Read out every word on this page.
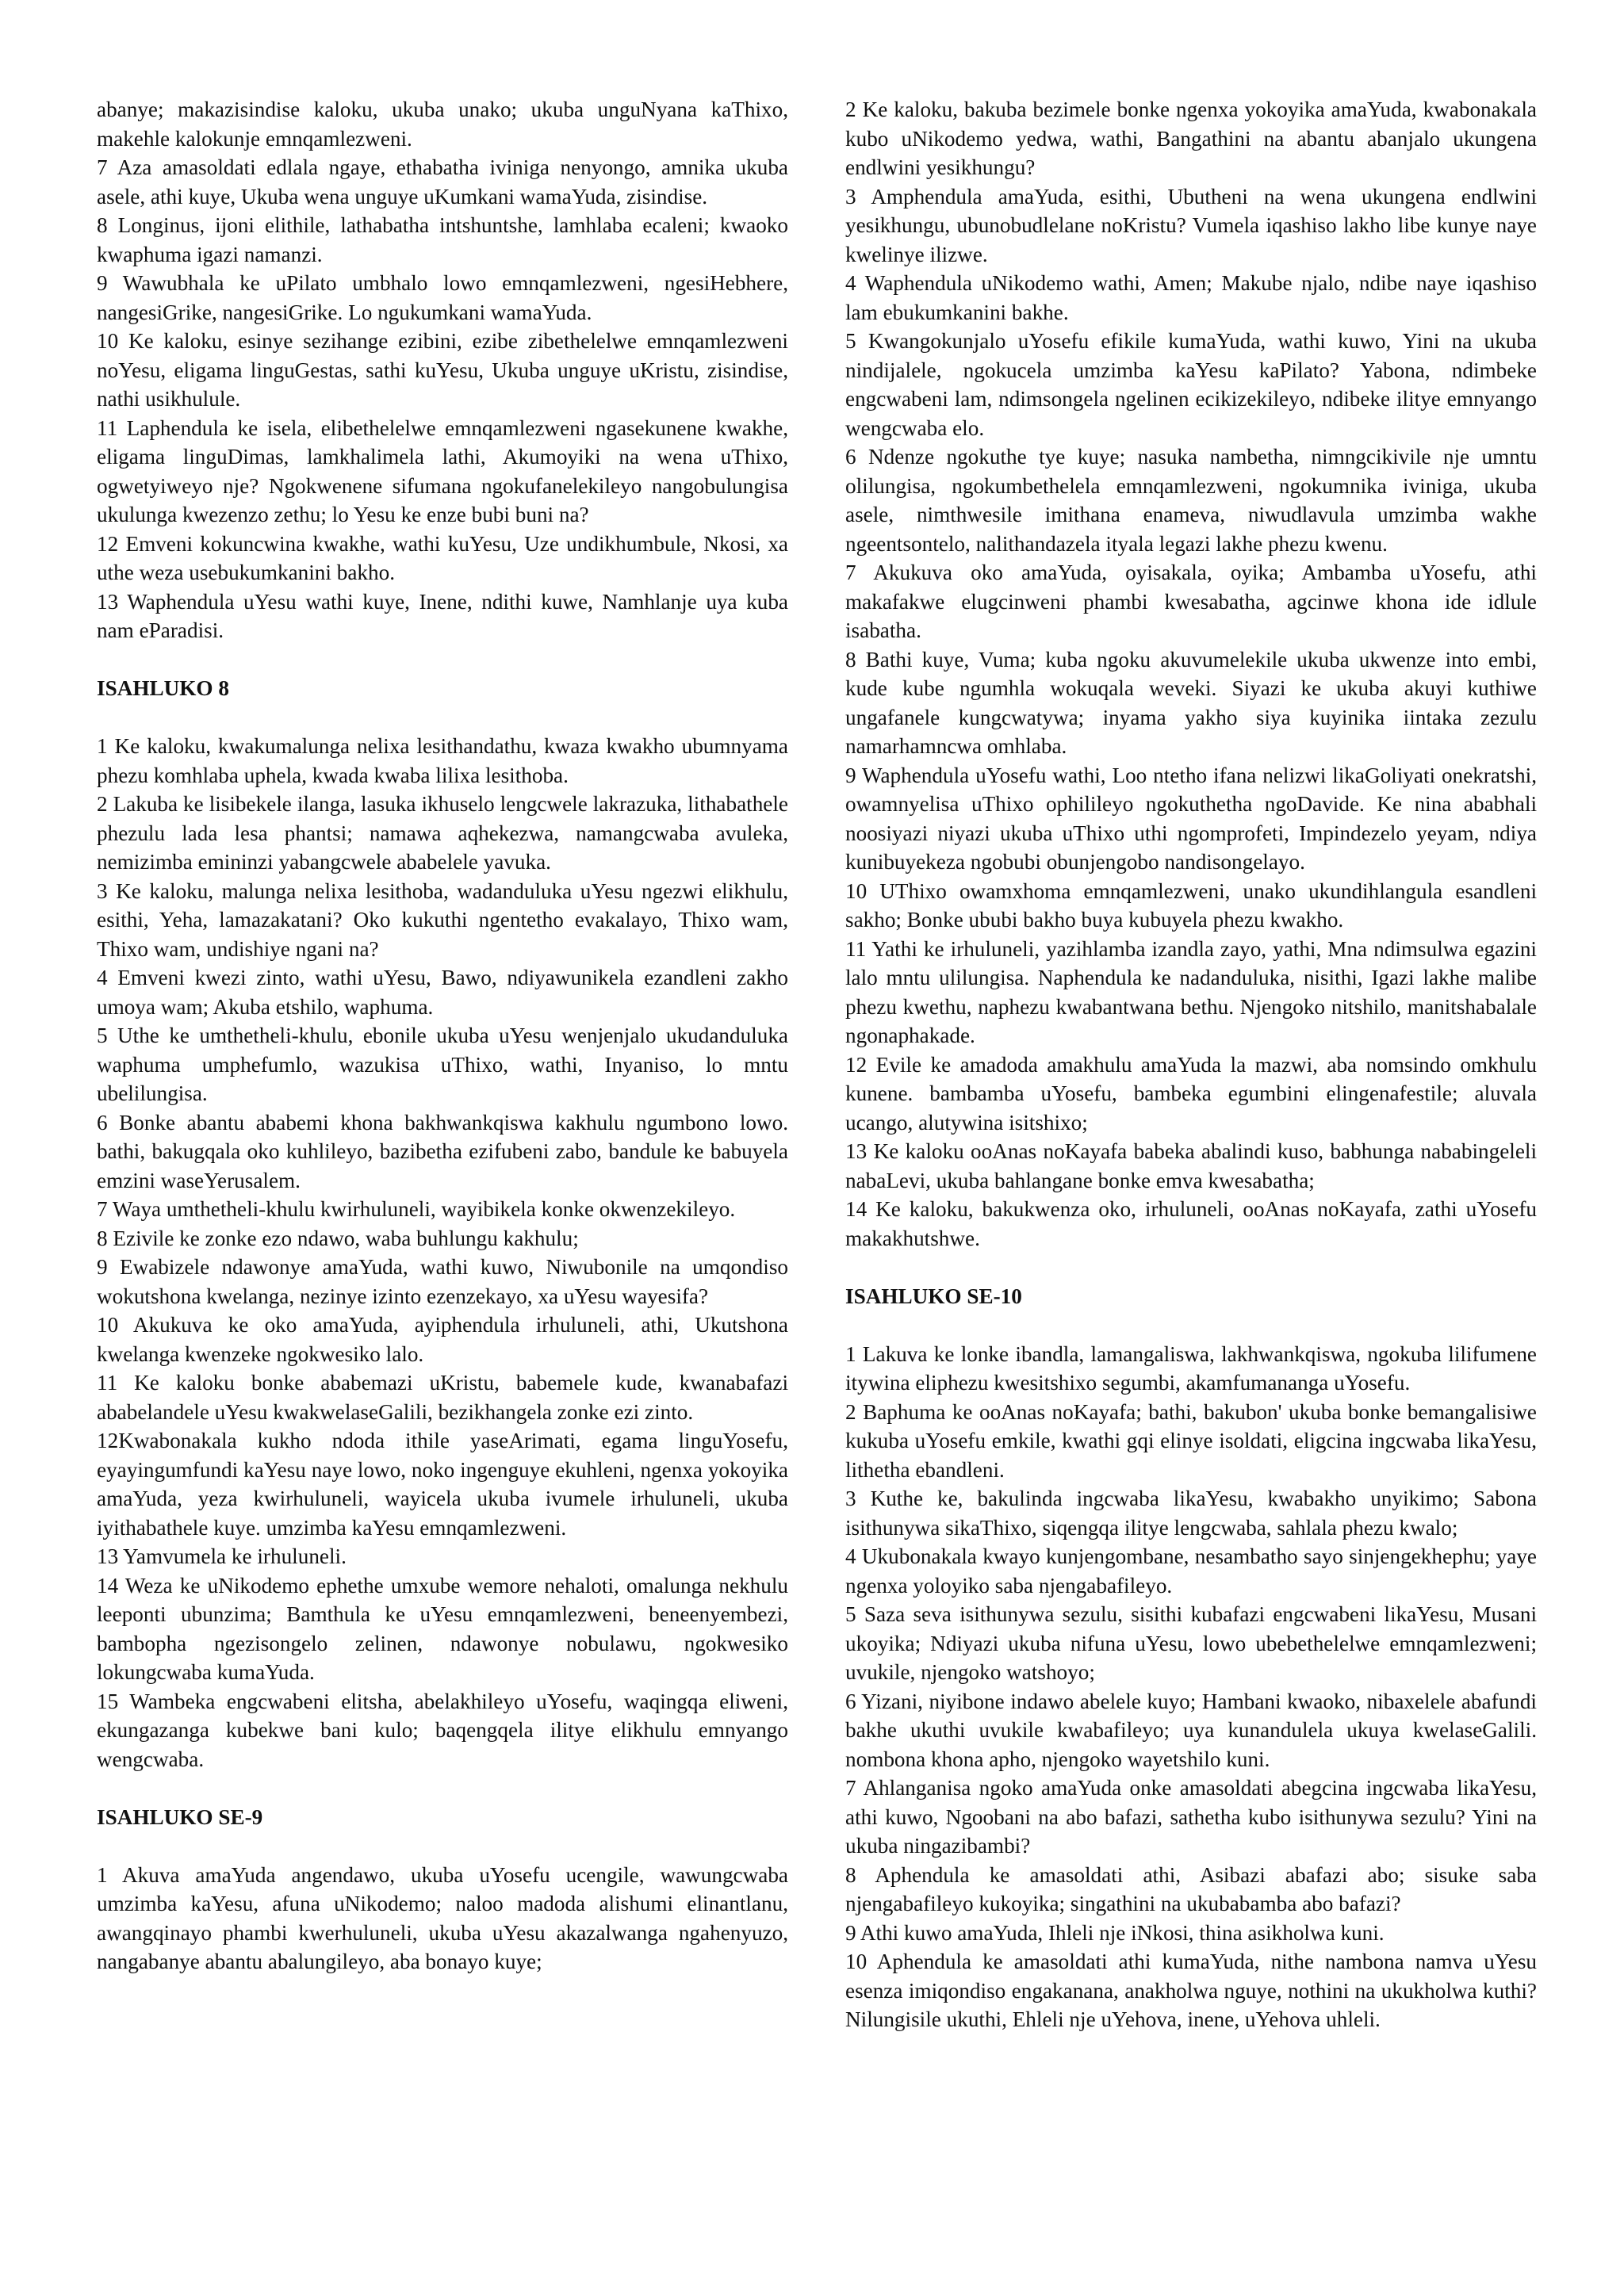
abanye; makazisindise kaloku, ukuba unako; ukuba unguNyana kaThixo, makehle kalokunje emnqamlezweni.

7 Aza amasoldati edlala ngaye, ethabatha iviniga nenyongo, amnika ukuba asele, athi kuye, Ukuba wena unguye uKumkani wamaYuda, zisindise.

8 Longinus, ijoni elithile, lathabatha intshuntshe, lamhlaba ecaleni; kwaoko kwaphuma igazi namanzi.

9 Wawubhala ke uPilato umbhalo lowo emnqamlezweni, ngesiHebhere, nangesiGrike, nangesiGrike. Lo ngukumkani wamaYuda.

10 Ke kaloku, esinye sezihange ezibini, ezibe zibethelelwe emnqamlezweni noYesu, eligama linguGestas, sathi kuYesu, Ukuba unguye uKristu, zisindise, nathi usikhulule.

11 Laphendula ke isela, elibethelelwe emnqamlezweni ngasekunene kwakhe, eligama linguDimas, lamkhalimela lathi, Akumoyiki na wena uThixo, ogwetyiweyo nje? Ngokwenene sifumana ngokufanelekileyo nangobulungisa ukulunga kwezenzo zethu; lo Yesu ke enze bubi buni na?

12 Emveni kokuncwina kwakhe, wathi kuYesu, Uze undikhumbule, Nkosi, xa uthe weza usebukumkanini bakho.

13 Waphendula uYesu wathi kuye, Inene, ndithi kuwe, Namhlanje uya kuba nam eParadisi.

ISAHLUKO 8

1 Ke kaloku, kwakumalunga nelixa lesithandathu, kwaza kwakho ubumnyama phezu komhlaba uphela, kwada kwaba lilixa lesithoba.

2 Lakuba ke lisibekele ilanga, lasuka ikhuselo lengcwele lakrazuka, lithabathele phezulu lada lesa phantsi; namawa aqhekezwa, namangcwaba avuleka, nemizimba emininzi yabangcwele ababelele yavuka.

3 Ke kaloku, malunga nelixa lesithoba, wadanduluka uYesu ngezwi elikhulu, esithi, Yeha, lamazakatani? Oko kukuthi ngentetho evakalayo, Thixo wam, Thixo wam, undishiye ngani na?

4 Emveni kwezi zinto, wathi uYesu, Bawo, ndiyawunikela ezandleni zakho umoya wam; Akuba etshilo, waphuma.

5 Uthe ke umthetheli-khulu, ebonile ukuba uYesu wenjenjalo ukudanduluka waphuma umphefumlo, wazukisa uThixo, wathi, Inyaniso, lo mntu ubelilungisa.

6 Bonke abantu ababemi khona bakhwankqiswa kakhulu ngumbono lowo. bathi, bakugqala oko kuhlileyo, bazibetha ezifubeni zabo, bandule ke babuyela emzini waseYerusalem.

7 Waya umthetheli-khulu kwirhuluneli, wayibikela konke okwenzekileyo.

8 Ezivile ke zonke ezo ndawo, waba buhlungu kakhulu;

9 Ewabizele ndawonye amaYuda, wathi kuwo, Niwubonile na umqondiso wokutshona kwelanga, nezinye izinto ezenzekayo, xa uYesu wayesifa?

10 Akukuva ke oko amaYuda, ayiphendula irhuluneli, athi, Ukutshona kwelanga kwenzeke ngokwesiko lalo.

11 Ke kaloku bonke ababemazi uKristu, babemele kude, kwanabafazi ababelandele uYesu kwakwelaseGalili, bezikhangela zonke ezi zinto.

12Kwabonakala kukho ndoda ithile yaseArimati, egama linguYosefu, eyayingumfundi kaYesu naye lowo, noko ingenguye ekuhleni, ngenxa yokoyika amaYuda, yeza kwirhuluneli, wayicela ukuba ivumele irhuluneli, ukuba iyithabathele kuye. umzimba kaYesu emnqamlezweni.

13 Yamvumela ke irhuluneli.

14 Weza ke uNikodemo ephethe umxube wemore nehaloti, omalunga nekhulu leeponti ubunzima; Bamthula ke uYesu emnqamlezweni, beneenyembezi, bambopha ngezisongelo zelinen, ndawonye nobulawu, ngokwesiko lokungcwaba kumaYuda.

15 Wambeka engcwabeni elitsha, abelakhileyo uYosefu, waqingqa eliweni, ekungazanga kubekwe bani kulo; baqengqela ilitye elikhulu emnyango wengcwaba.

ISAHLUKO SE-9

1 Akuva amaYuda angendawo, ukuba uYosefu ucengile, wawungcwaba umzimba kaYesu, afuna uNikodemo; naloo madoda alishumi elinantlanu, awangqinayo phambi kwerhuluneli, ukuba uYesu akazalwanga ngahenyuzo, nangabanye abantu abalungileyo, aba bonayo kuye;

2 Ke kaloku, bakuba bezimele bonke ngenxa yokoyika amaYuda, kwabonakala kubo uNikodemo yedwa, wathi, Bangathini na abantu abanjalo ukungena endlwini yesikhungu?

3 Amphendula amaYuda, esithi, Ubutheni na wena ukungena endlwini yesikhungu, ubunobudlelane noKristu? Vumela iqashiso lakho libe kunye naye kwelinye ilizwe.

4 Waphendula uNikodemo wathi, Amen; Makube njalo, ndibe naye iqashiso lam ebukumkanini bakhe.

5 Kwangokunjalo uYosefu efikile kumaYuda, wathi kuwo, Yini na ukuba nindijalele, ngokucela umzimba kaYesu kaPilato? Yabona, ndimbeke engcwabeni lam, ndimsongela ngelinen ecikizekileyo, ndibeke ilitye emnyango wengcwaba elo.

6 Ndenze ngokuthe tye kuye; nasuka nambetha, nimngcikivile nje umntu olilungisa, ngokumbethelela emnqamlezweni, ngokumnika iviniga, ukuba asele, nimthwesile imithana enameva, niwudlavula umzimba wakhe ngeentsontelo, nalithandazela ityala legazi lakhe phezu kwenu.

7 Akukuva oko amaYuda, oyisakala, oyika; Ambamba uYosefu, athi makafakwe elugcinweni phambi kwesabatha, agcinwe khona ide idlule isabatha.

8 Bathi kuye, Vuma; kuba ngoku akuvumelekile ukuba ukwenze into embi, kude kube ngumhla wokuqala weveki. Siyazi ke ukuba akuyi kuthiwe ungafanele kungcwatywa; inyama yakho siya kuyinika iintaka zezulu namarhamncwa omhlaba.

9 Waphendula uYosefu wathi, Loo ntetho ifana nelizwi likaGoliyati onekratshi, owamnyelisa uThixo ophilileyo ngokuthetha ngoDavide. Ke nina ababhali noosiyazi niyazi ukuba uThixo uthi ngomprofeti, Impindezelo yeyam, ndiya kunibuyekeza ngobubi obunjengobo nandisongelayo.

10 UThixo owamxhoma emnqamlezweni, unako ukundihlangula esandleni sakho; Bonke ububi bakho buya kubuyela phezu kwakho.

11 Yathi ke irhuluneli, yazihlamba izandla zayo, yathi, Mna ndimsulwa egazini lalo mntu ulilungisa. Naphendula ke nadanduluka, nisithi, Igazi lakhe malibe phezu kwethu, naphezu kwabantwana bethu. Njengoko nitshilo, manitshabalale ngonaphakade.

12 Evile ke amadoda amakhulu amaYuda la mazwi, aba nomsindo omkhulu kunene. bambamba uYosefu, bambeka egumbini elingenafestile; aluvala ucango, alutywina isitshixo;

13 Ke kaloku ooAnas noKayafa babeka abalindi kuso, babhunga nababingeleli nabaLevi, ukuba bahlangane bonke emva kwesabatha;

14 Ke kaloku, bakukwenza oko, irhuluneli, ooAnas noKayafa, zathi uYosefu makakhutshwe.

ISAHLUKO SE-10

1 Lakuva ke lonke ibandla, lamangaliswa, lakhwankqiswa, ngokuba lilifumene itywina eliphezu kwesitshixo segumbi, akamfumananga uYosefu.

2 Baphuma ke ooAnas noKayafa; bathi, bakubon' ukuba bonke bemangalisiwe kukuba uYosefu emkile, kwathi gqi elinye isoldati, eligcina ingcwaba likaYesu, lithetha ebandleni.

3 Kuthe ke, bakulinda ingcwaba likaYesu, kwabakho unyikimo; Sabona isithunywa sikaThixo, siqengqa ilitye lengcwaba, sahlala phezu kwalo;

4 Ukubonakala kwayo kunjengombane, nesambatho sayo sinjengekhephu; yaye ngenxa yoloyiko saba njengabafileyo.

5 Saza seva isithunywa sezulu, sisithi kubafazi engcwabeni likaYesu, Musani ukoyika; Ndiyazi ukuba nifuna uYesu, lowo ubebethelelwe emnqamlezweni; uvukile, njengoko watshoyo;

6 Yizani, niyibone indawo abelele kuyo; Hambani kwaoko, nibaxelele abafundi bakhe ukuthi uvukile kwabafileyo; uya kunandulela ukuya kwelaseGalili. nombona khona apho, njengoko wayetshilo kuni.

7 Ahlanganisa ngoko amaYuda onke amasoldati abegcina ingcwaba likaYesu, athi kuwo, Ngoobani na abo bafazi, sathetha kubo isithunywa sezulu? Yini na ukuba ningazibambi?

8 Aphendula ke amasoldati athi, Asibazi abafazi abo; sisuke saba njengabafileyo kukoyika; singathini na ukubabamba abo bafazi?

9 Athi kuwo amaYuda, Ihleli nje iNkosi, thina asikholwa kuni.

10 Aphendula ke amasoldati athi kumaYuda, nithe nambona namva uYesu esenza imiqondiso engakanana, anakholwa nguye, nothini na ukukholwa kuthi? Nilungisile ukuthi, Ehleli nje uYehova, inene, uYehova uhleli.
